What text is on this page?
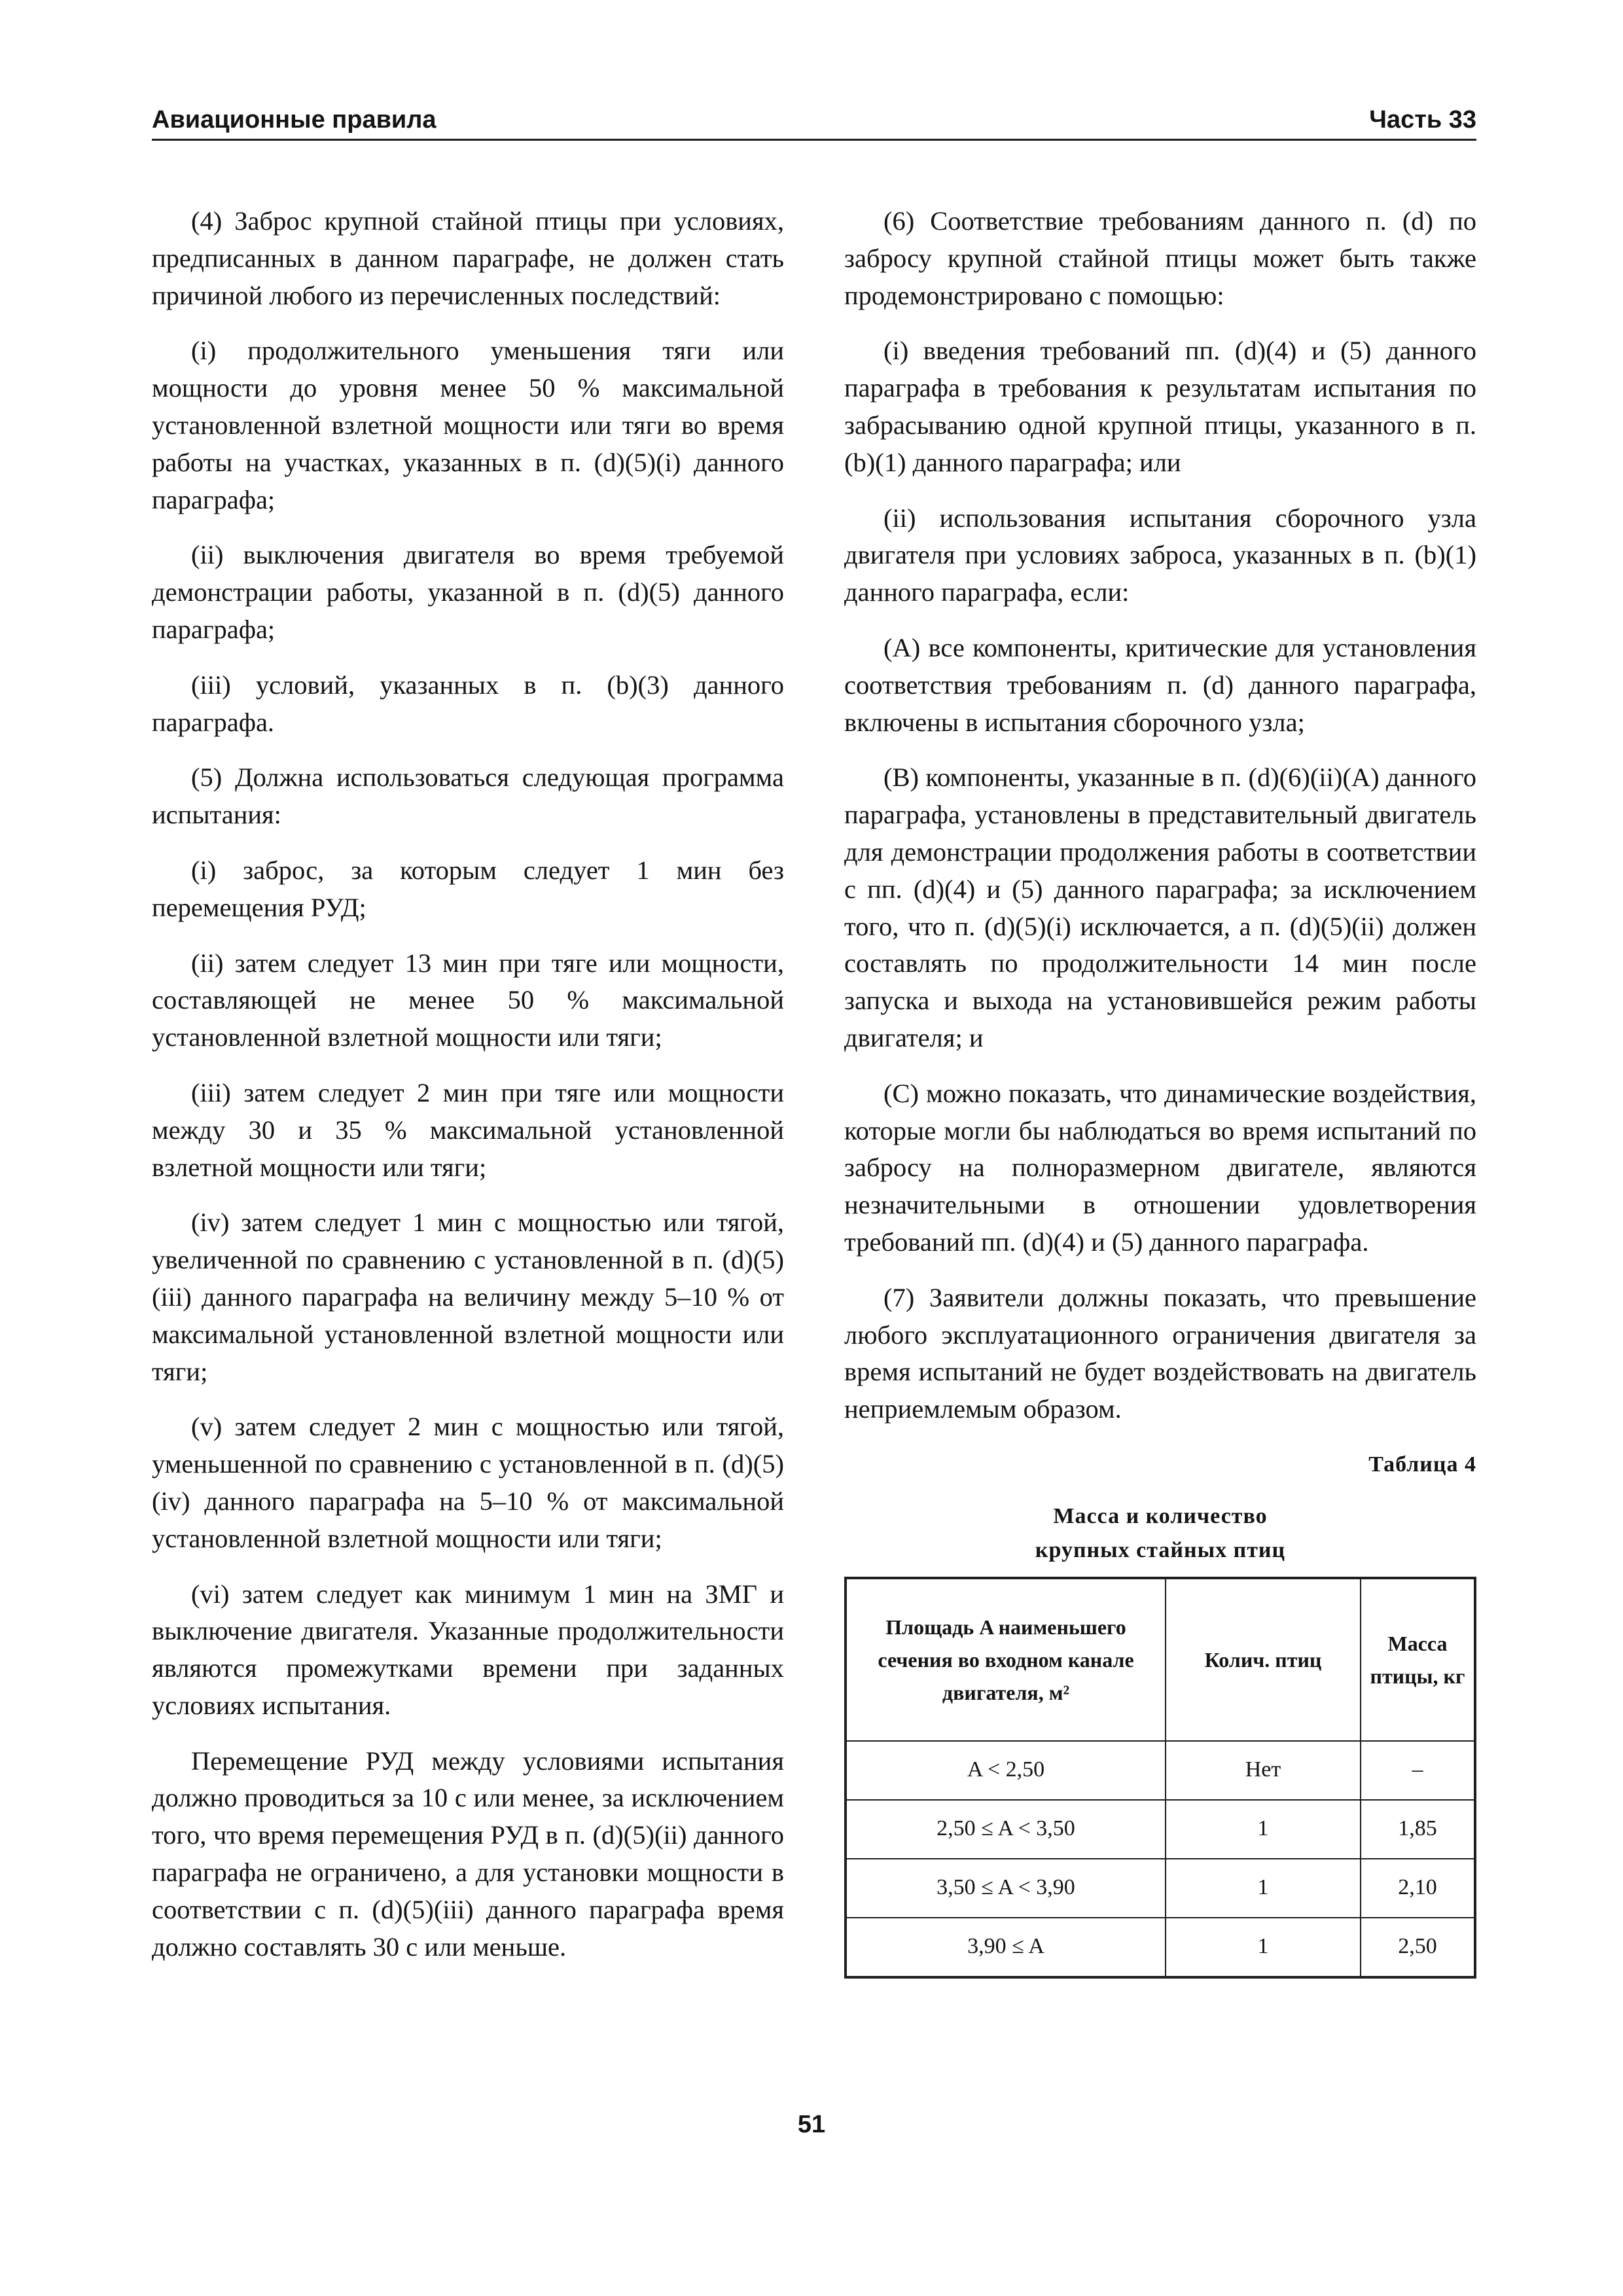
Авиационные правила	Часть 33

(4) Заброс крупной стайной птицы при условиях, предписанных в данном параграфе, не должен стать причиной любого из перечисленных последствий:

(i) продолжительного уменьшения тяги или мощности до уровня менее 50 % максимальной установленной взлетной мощности или тяги во время работы на участках, указанных в п. (d)(5)(i) данного параграфа;

(ii) выключения двигателя во время требуемой демонстрации работы, указанной в п. (d)(5) данного параграфа;

(iii) условий, указанных в п. (b)(3) данного параграфа.

(5) Должна использоваться следующая программа испытания:

(i) заброс, за которым следует 1 мин без перемещения РУД;

(ii) затем следует 13 мин при тяге или мощности, составляющей не менее 50 % максимальной установленной взлетной мощности или тяги;

(iii) затем следует 2 мин при тяге или мощности между 30 и 35 % максимальной установленной взлетной мощности или тяги;

(iv) затем следует 1 мин с мощностью или тягой, увеличенной по сравнению с установленной в п. (d)(5)(iii) данного параграфа на величину между 5–10 % от максимальной установленной взлетной мощности или тяги;

(v) затем следует 2 мин с мощностью или тягой, уменьшенной по сравнению с установленной в п. (d)(5)(iv) данного параграфа на 5–10 % от максимальной установленной взлетной мощности или тяги;

(vi) затем следует как минимум 1 мин на ЗМГ и выключение двигателя. Указанные продолжительности являются промежутками времени при заданных условиях испытания.

Перемещение РУД между условиями испытания должно проводиться за 10 с или менее, за исключением того, что время перемещения РУД в п. (d)(5)(ii) данного параграфа не ограничено, а для установки мощности в соответствии с п. (d)(5)(iii) данного параграфа время должно составлять 30 с или меньше.

(6) Соответствие требованиям данного п. (d) по забросу крупной стайной птицы может быть также продемонстрировано с помощью:

(i) введения требований пп. (d)(4) и (5) данного параграфа в требования к результатам испытания по забрасыванию одной крупной птицы, указанного в п. (b)(1) данного параграфа; или

(ii) использования испытания сборочного узла двигателя при условиях заброса, указанных в п. (b)(1) данного параграфа, если:

(A) все компоненты, критические для установления соответствия требованиям п. (d) данного параграфа, включены в испытания сборочного узла;

(B) компоненты, указанные в п. (d)(6)(ii)(A) данного параграфа, установлены в представительный двигатель для демонстрации продолжения работы в соответствии с пп. (d)(4) и (5) данного параграфа; за исключением того, что п. (d)(5)(i) исключается, а п. (d)(5)(ii) должен составлять по продолжительности 14 мин после запуска и выхода на установившейся режим работы двигателя; и

(C) можно показать, что динамические воздействия, которые могли бы наблюдаться во время испытаний по забросу на полноразмерном двигателе, являются незначительными в отношении удовлетворения требований пп. (d)(4) и (5) данного параграфа.

(7) Заявители должны показать, что превышение любого эксплуатационного ограничения двигателя за время испытаний не будет воздействовать на двигатель неприемлемым образом.

Таблица 4
Масса и количество
крупных стайных птиц
Площадь A наименьшего сечения во входном канале двигателя, м²	Колич. птиц	Масса птицы, кг
A < 2,50	Нет	–
2,50 ≤ A < 3,50	1	1,85
3,50 ≤ A < 3,90	1	2,10
3,90 ≤ A	1	2,50
51
